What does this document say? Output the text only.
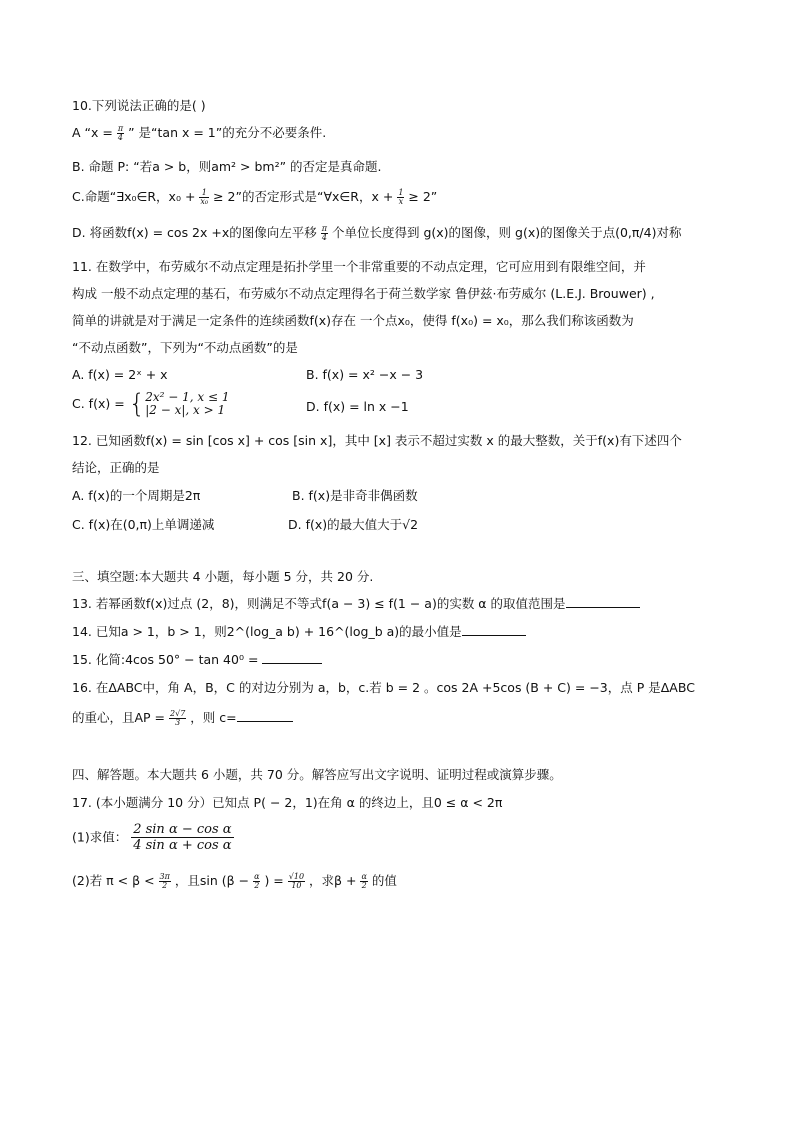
10.下列说法正确的是( )
A “$x = \frac{\pi}{4}$ ” 是“tan x = 1”的充分不必要条件.
B. 命题 P: “若a > b，则am² > bm²” 的否定是真命题.
C.命题“∃x₀∈R，$x_0 + \frac{1}{\text{x₀}} \ge 2$”的否定形式是“∀x∈R，$x + \frac{1}{x} \ge 2$”
D. 将函数f(x) = cos 2x +x的图像向左平移 $\frac{\pi}{4}$ 个单位长度得到 g(x)的图像，则 g(x)的图像关于点(0,π/4)对称
11. 在数学中，布劳威尔不动点定理是拓扑学里一个非常重要的不动点定理，它可应用到有限维空间，并
构成 一般不动点定理的基石，布劳威尔不动点定理得名于荷兰数学家 鲁伊兹·布劳威尔 (L.E.J. Brouwer) ,
简单的讲就是对于满足一定条件的连续函数f(x)存在 一个点x₀，使得 f(x₀) = x₀，那么我们称该函数为
“不动点函数”，下列为“不动点函数”的是
A. f(x) = 2ˣ + x	B. f(x) = x² −x − 3
C. f(x) = { 2x² − 1, x ≤ 1
|2 − x|, x > 1	D. f(x) = ln x −1
12. 已知函数f(x) = sin [cos x] + cos [sin x]，其中 [x] 表示不超过实数 x 的最大整数，关于f(x)有下述四个
结论，正确的是
A. f(x)的一个周期是2π	B. f(x)是非奇非偶函数
C. f(x)在(0,π)上单调递减	D. f(x)的最大值大于√2
三、填空题:本大题共 4 小题，每小题 5 分，共 20 分.
13. 若幂函数f(x)过点 (2，8)，则满足不等式f(a − 3) ≤ f(1 − a)的实数 α 的取值范围是
14. 已知a > 1，b > 1，则2^(log_a b) + 16^(log_b a)的最小值是
15. 化简:4cos 50° − tan 40⁰ =
16. 在ΔABC中，角 A，B，C 的对边分别为 a，b，c.若 b = 2 。cos 2A +5cos (B + C) = −3，点 P 是ΔABC
的重心，且AP = $\frac{2√7}{3}$ ，则 c=
四、解答题。本大题共 6 小题，共 70 分。解答应写出文字说明、证明过程或演算步骤。
17. (本小题满分 10 分）已知点 P( − 2，1)在角 α 的终边上，且0 ≤ α < 2π
(1)求值： $\frac{\text{2 sin α − cos α}}{\text{4 sin α + cos α}}$
(2)若 $\pi < \beta < \frac{3\pi}{2}$ ，且$\sin (\beta - \frac{\alpha}{2}$ ) = $\frac{√10}{10}$ ，求$\beta + \frac{\alpha}{2}$ 的值
